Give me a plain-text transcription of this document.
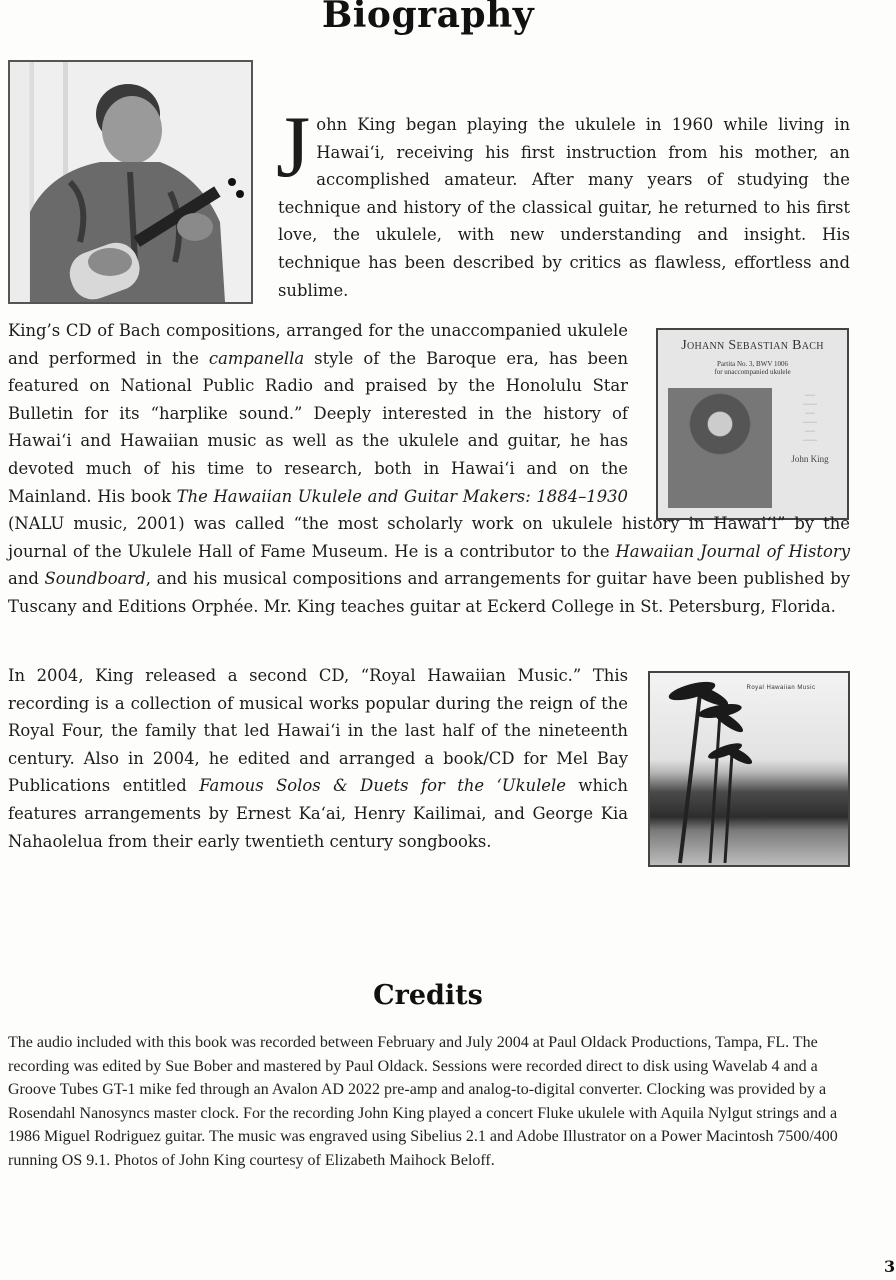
Biography

John King began playing the ukulele in 1960 while living in Hawai‘i, receiving his first instruction from his mother, an accomplished amateur. After many years of studying the technique and history of the classical guitar, he returned to his first love, the ukulele, with new understanding and insight. His technique has been described by critics as flawless, effortless and sublime.

Johann Sebastian Bach
Partita No. 3, BWV 1006
for unaccompanied ukulele
·····
·······
·····
·······
·····
·······

John King

King’s CD of Bach compositions, arranged for the unaccompanied ukulele and performed in the campanella style of the Baroque era, has been featured on National Public Radio and praised by the Honolulu Star Bulletin for its “harplike sound.” Deeply interested in the history of Hawai‘i and Hawaiian music as well as the ukulele and guitar, he has devoted much of his time to research, both in Hawai‘i and on the Mainland. His book The Hawaiian Ukulele and Guitar Makers: 1884–1930 (NALU music, 2001) was called “the most scholarly work on ukulele history in Hawai‘i” by the journal of the Ukulele Hall of Fame Museum. He is a contributor to the Hawaiian Journal of History and Soundboard, and his musical compositions and arrangements for guitar have been published by Tuscany and Editions Orphée. Mr. King teaches guitar at Eckerd College in St. Petersburg, Florida.

In 2004, King released a second CD, “Royal Hawaiian Music.” This recording is a collection of musical works popular during the reign of the Royal Four, the family that led Hawai‘i in the last half of the nineteenth century. Also in 2004, he edited and arranged a book/CD for Mel Bay Publications entitled Famous Solos & Duets for the ‘Ukulele which features arrangements by Ernest Ka‘ai, Henry Kailimai, and George Kia Nahaolelua from their early twentieth century songbooks.

Royal Hawaiian Music
Credits

The audio included with this book was recorded between February and July 2004 at Paul Oldack Productions, Tampa, FL. The recording was edited by Sue Bober and mastered by Paul Oldack. Sessions were recorded direct to disk using Wavelab 4 and a Groove Tubes GT-1 mike fed through an Avalon AD 2022 pre-amp and analog-to-digital converter. Clocking was provided by a Rosendahl Nanosyncs master clock. For the recording John King played a concert Fluke ukulele with Aquila Nylgut strings and a 1986 Miguel Rodriguez guitar. The music was engraved using Sibelius 2.1 and Adobe Illustrator on a Power Macintosh 7500/400 running OS 9.1. Photos of John King courtesy of Elizabeth Maihock Beloff.

3
